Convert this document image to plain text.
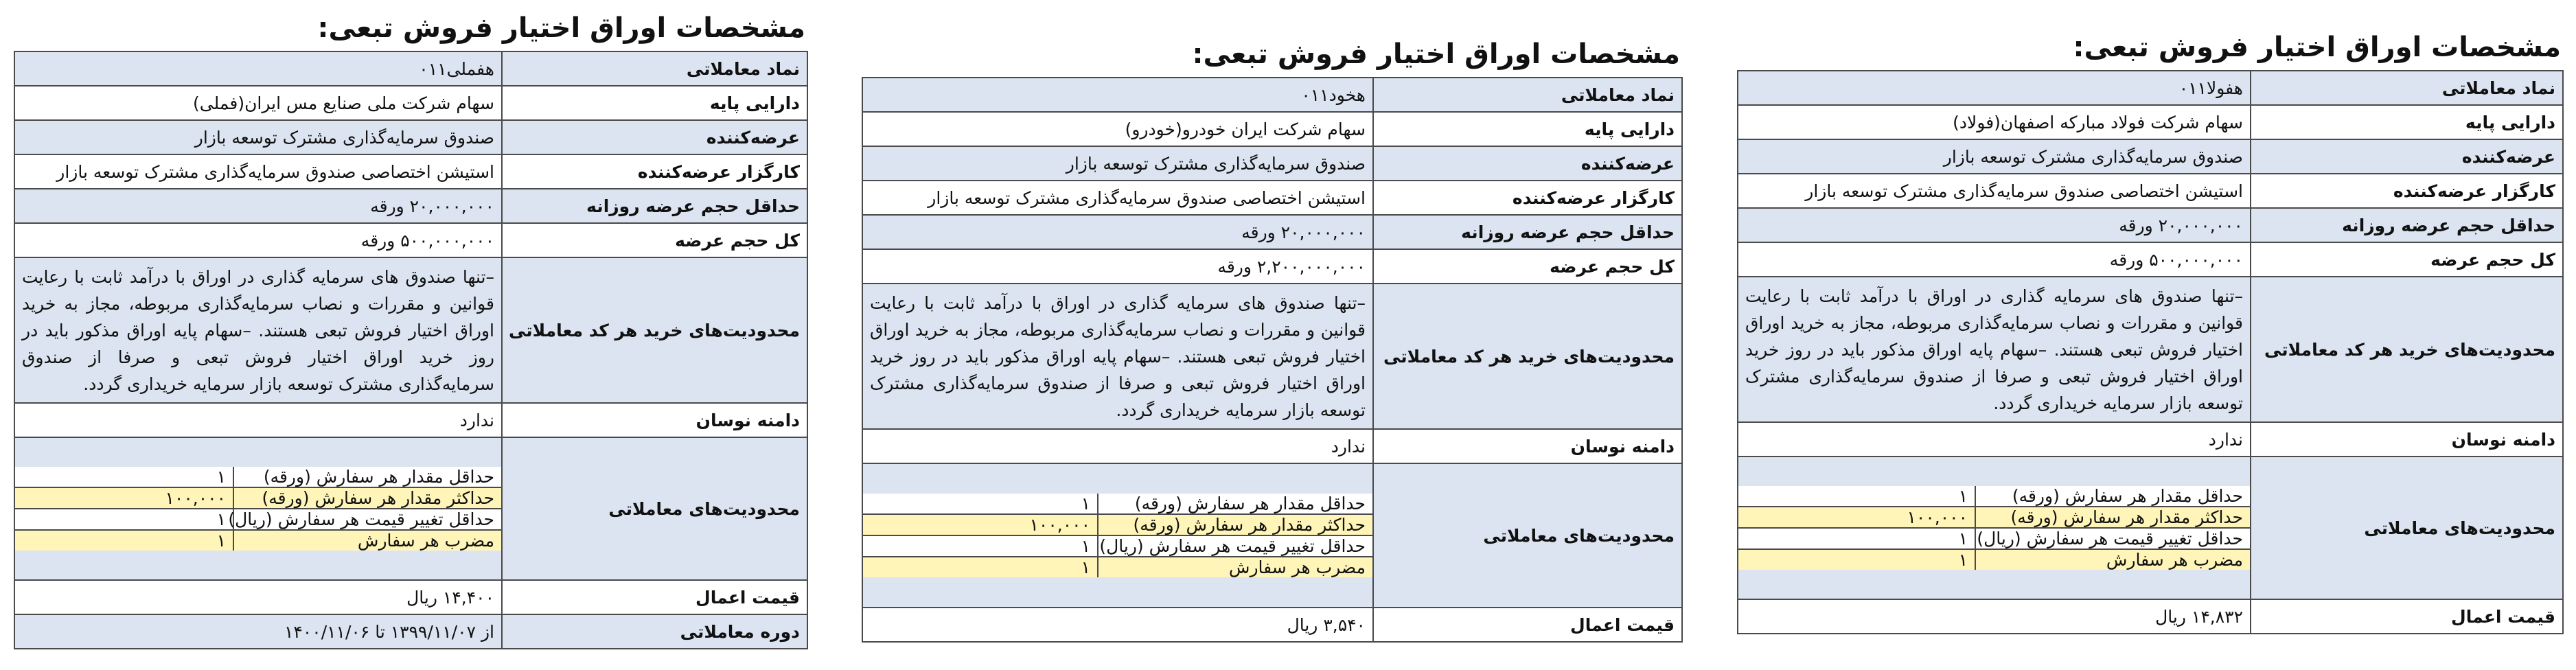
مشخصات اوراق اختیار فروش تبعی:
نماد معاملاتی	هفولا۰۱۱
دارایی پایه	سهام شرکت فولاد مبارکه اصفهان(فولاد)
عرضه‌کننده	صندوق سرمایه‌گذاری مشترک توسعه بازار
کارگزار عرضه‌کننده	استیشن اختصاصی صندوق سرمایه‌گذاری مشترک توسعه بازار
حداقل حجم عرضه روزانه	۲۰,۰۰۰,۰۰۰ ورقه
کل حجم عرضه	۵۰۰,۰۰۰,۰۰۰ ورقه
محدودیت‌های خرید هر کد معاملاتی	–تنها صندوق های سرمایه گذاری در اوراق با درآمد ثابت با رعایت قوانین و مقررات و نصاب سرمایه‌گذاری مربوطه، مجاز به خرید اوراق اختیار فروش تبعی هستند. –سهام پایه اوراق مذکور باید در روز خرید اوراق اختیار فروش تبعی و صرفا از صندوق سرمایه‌گذاری مشترک توسعه بازار سرمایه خریداری گردد.
دامنه نوسان	ندارد
محدودیت‌های معاملاتی	
حداقل مقدار هر سفارش (ورقه)	۱
حداکثر مقدار هر سفارش (ورقه)	۱۰۰,۰۰۰
حداقل تغییر قیمت هر سفارش (ریال)	۱
مضرب هر سفارش	۱

قیمت اعمال	۱۴,۸۳۲ ریال
مشخصات اوراق اختیار فروش تبعی:
نماد معاملاتی	هخود۰۱۱
دارایی پایه	سهام شرکت ایران خودرو(خودرو)
عرضه‌کننده	صندوق سرمایه‌گذاری مشترک توسعه بازار
کارگزار عرضه‌کننده	استیشن اختصاصی صندوق سرمایه‌گذاری مشترک توسعه بازار
حداقل حجم عرضه روزانه	۲۰,۰۰۰,۰۰۰ ورقه
کل حجم عرضه	۲,۲۰۰,۰۰۰,۰۰۰ ورقه
محدودیت‌های خرید هر کد معاملاتی	–تنها صندوق های سرمایه گذاری در اوراق با درآمد ثابت با رعایت قوانین و مقررات و نصاب سرمایه‌گذاری مربوطه، مجاز به خرید اوراق اختیار فروش تبعی هستند. –سهام پایه اوراق مذکور باید در روز خرید اوراق اختیار فروش تبعی و صرفا از صندوق سرمایه‌گذاری مشترک توسعه بازار سرمایه خریداری گردد.
دامنه نوسان	ندارد
محدودیت‌های معاملاتی	
حداقل مقدار هر سفارش (ورقه)	۱
حداکثر مقدار هر سفارش (ورقه)	۱۰۰,۰۰۰
حداقل تغییر قیمت هر سفارش (ریال)	۱
مضرب هر سفارش	۱

قیمت اعمال	۳,۵۴۰ ریال
مشخصات اوراق اختیار فروش تبعی:
نماد معاملاتی	هفملی۰۱۱
دارایی پایه	سهام شرکت ملی صنایع مس ایران(فملی)
عرضه‌کننده	صندوق سرمایه‌گذاری مشترک توسعه بازار
کارگزار عرضه‌کننده	استیشن اختصاصی صندوق سرمایه‌گذاری مشترک توسعه بازار
حداقل حجم عرضه روزانه	۲۰,۰۰۰,۰۰۰ ورقه
کل حجم عرضه	۵۰۰,۰۰۰,۰۰۰ ورقه
محدودیت‌های خرید هر کد معاملاتی	–تنها صندوق های سرمایه گذاری در اوراق با درآمد ثابت با رعایت قوانین و مقررات و نصاب سرمایه‌گذاری مربوطه، مجاز به خرید اوراق اختیار فروش تبعی هستند. –سهام پایه اوراق مذکور باید در روز خرید اوراق اختیار فروش تبعی و صرفا از صندوق سرمایه‌گذاری مشترک توسعه بازار سرمایه خریداری گردد.
دامنه نوسان	ندارد
محدودیت‌های معاملاتی	
حداقل مقدار هر سفارش (ورقه)	۱
حداکثر مقدار هر سفارش (ورقه)	۱۰۰,۰۰۰
حداقل تغییر قیمت هر سفارش (ریال)	۱
مضرب هر سفارش	۱

قیمت اعمال	۱۴,۴۰۰ ریال
دوره معاملاتی	از ۱۳۹۹/۱۱/۰۷ تا ۱۴۰۰/۱۱/۰۶
